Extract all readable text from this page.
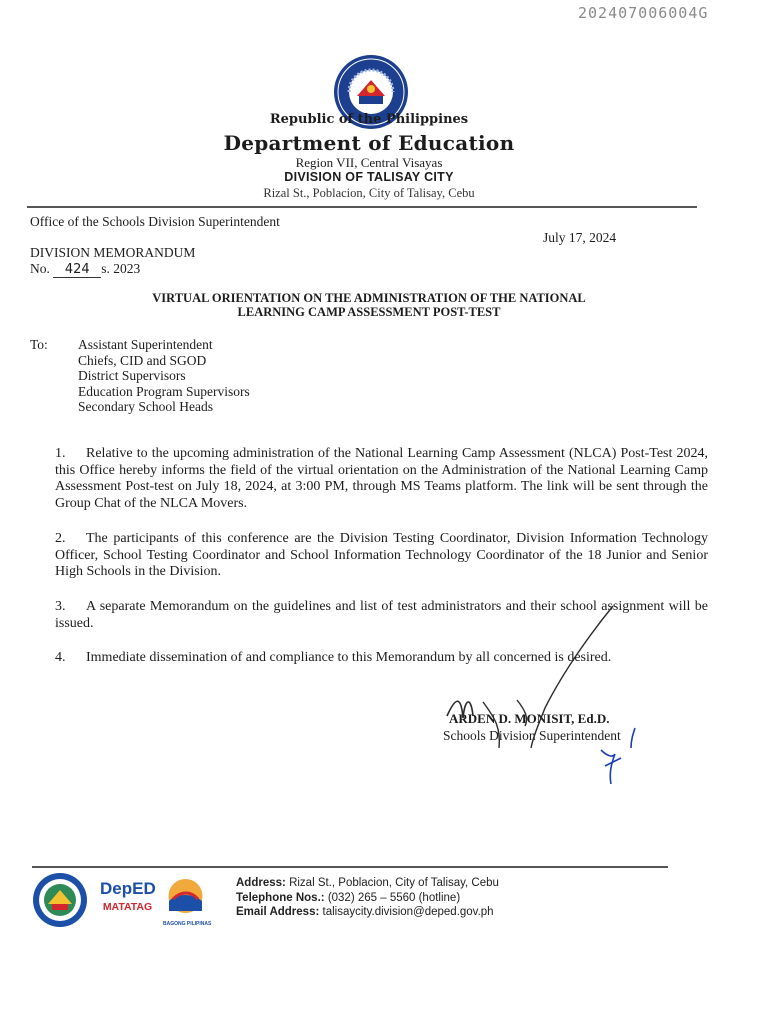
202407006004G
Republic of the Philippines
Department of Education
Region VII, Central Visayas
DIVISION OF TALISAY CITY
Rizal St., Poblacion, City of Talisay, Cebu
Office of the Schools Division Superintendent
July 17, 2024
DIVISION MEMORANDUM
No. 424 s. 2023
VIRTUAL ORIENTATION ON THE ADMINISTRATION OF THE NATIONAL
LEARNING CAMP ASSESSMENT POST-TEST
To: Assistant Superintendent
Chiefs, CID and SGOD
District Supervisors
Education Program Supervisors
Secondary School Heads

1. Relative to the upcoming administration of the National Learning Camp Assessment (NLCA) Post-Test 2024, this Office hereby informs the field of the virtual orientation on the Administration of the National Learning Camp Assessment Post-test on July 18, 2024, at 3:00 PM, through MS Teams platform. The link will be sent through the Group Chat of the NLCA Movers.

2. The participants of this conference are the Division Testing Coordinator, Division Information Technology Officer, School Testing Coordinator and School Information Technology Coordinator of the 18 Junior and Senior High Schools in the Division.

3. A separate Memorandum on the guidelines and list of test administrators and their school assignment will be issued.

4. Immediate dissemination of and compliance to this Memorandum by all concerned is desired.

ARDEN D. MONISIT, Ed.D.
Schools Division Superintendent
DepED
MATATAG
BAGONG PILIPINAS
Address: Rizal St., Poblacion, City of Talisay, Cebu
Telephone Nos.: (032) 265 – 5560 (hotline)
Email Address: talisaycity.division@deped.gov.ph
